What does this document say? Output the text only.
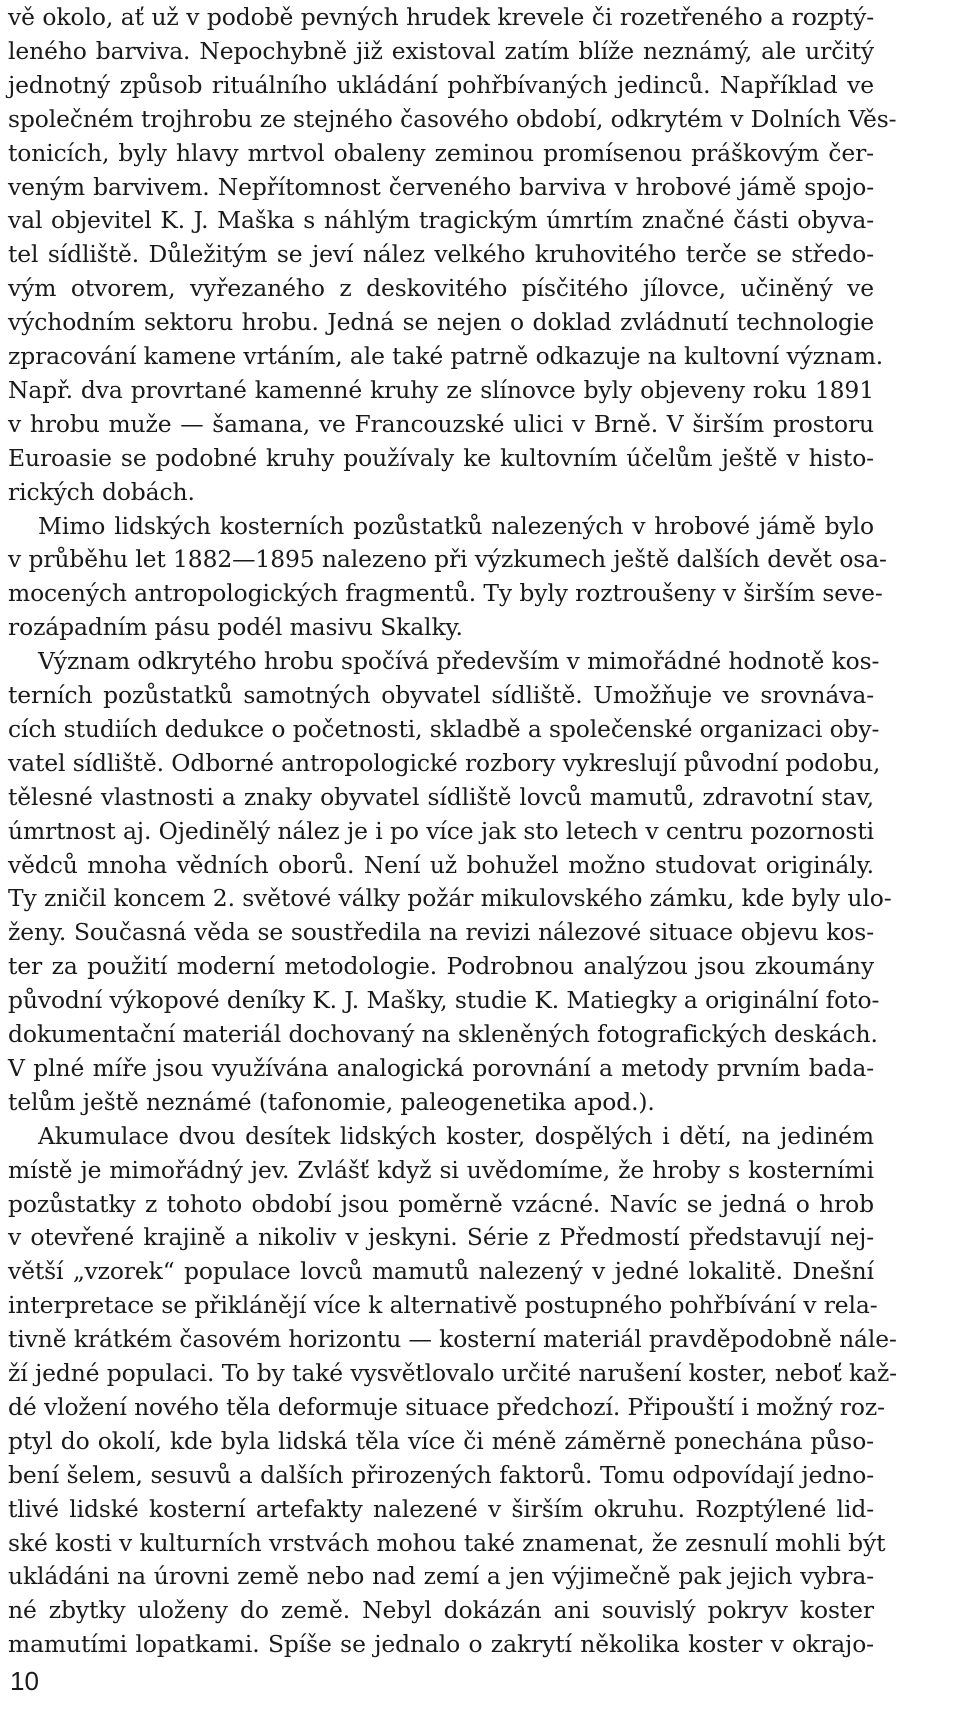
vě okolo, ať už v podobě pevných hrudek krevele či rozetřeného a rozptý-
leného barviva. Nepochybně již existoval zatím blíže neznámý, ale určitý
jednotný způsob rituálního ukládání pohřbívaných jedinců. Například ve
společném trojhrobu ze stejného časového období, odkrytém v Dolních Věs-
tonicích, byly hlavy mrtvol obaleny zeminou promísenou práškovým čer-
veným barvivem. Nepřítomnost červeného barviva v hrobové jámě spojo-
val objevitel K. J. Maška s náhlým tragickým úmrtím značné části obyva-
tel sídliště. Důležitým se jeví nález velkého kruhovitého terče se středo-
vým otvorem, vyřezaného z deskovitého písčitého jílovce, učiněný ve
východním sektoru hrobu. Jedná se nejen o doklad zvládnutí technologie
zpracování kamene vrtáním, ale také patrně odkazuje na kultovní význam.
Např. dva provrtané kamenné kruhy ze slínovce byly objeveny roku 1891
v hrobu muže — šamana, ve Francouzské ulici v Brně. V širším prostoru
Euroasie se podobné kruhy používaly ke kultovním účelům ještě v histo-
rických dobách.
Mimo lidských kosterních pozůstatků nalezených v hrobové jámě bylo
v průběhu let 1882—1895 nalezeno při výzkumech ještě dalších devět osa-
mocených antropologických fragmentů. Ty byly roztroušeny v širším seve-
rozápadním pásu podél masivu Skalky.
Význam odkrytého hrobu spočívá především v mimořádné hodnotě kos-
terních pozůstatků samotných obyvatel sídliště. Umožňuje ve srovnáva-
cích studiích dedukce o početnosti, skladbě a společenské organizaci oby-
vatel sídliště. Odborné antropologické rozbory vykreslují původní podobu,
tělesné vlastnosti a znaky obyvatel sídliště lovců mamutů, zdravotní stav,
úmrtnost aj. Ojedinělý nález je i po více jak sto letech v centru pozornosti
vědců mnoha vědních oborů. Není už bohužel možno studovat originály.
Ty zničil koncem 2. světové války požár mikulovského zámku, kde byly ulo-
ženy. Současná věda se soustředila na revizi nálezové situace objevu kos-
ter za použití moderní metodologie. Podrobnou analýzou jsou zkoumány
původní výkopové deníky K. J. Mašky, studie K. Matiegky a originální foto-
dokumentační materiál dochovaný na skleněných fotografických deskách.
V plné míře jsou využívána analogická porovnání a metody prvním bada-
telům ještě neznámé (tafonomie, paleogenetika apod.).
Akumulace dvou desítek lidských koster, dospělých i dětí, na jediném
místě je mimořádný jev. Zvlášť když si uvědomíme, že hroby s kosterními
pozůstatky z tohoto období jsou poměrně vzácné. Navíc se jedná o hrob
v otevřené krajině a nikoliv v jeskyni. Série z Předmostí představují nej-
větší „vzorek“ populace lovců mamutů nalezený v jedné lokalitě. Dnešní
interpretace se přiklánějí více k alternativě postupného pohřbívání v rela-
tivně krátkém časovém horizontu — kosterní materiál pravděpodobně nále-
ží jedné populaci. To by také vysvětlovalo určité narušení koster, neboť kaž-
dé vložení nového těla deformuje situace předchozí. Připouští i možný roz-
ptyl do okolí, kde byla lidská těla více či méně záměrně ponechána půso-
bení šelem, sesuvů a dalších přirozených faktorů. Tomu odpovídají jedno-
tlivé lidské kosterní artefakty nalezené v širším okruhu. Rozptýlené lid-
ské kosti v kulturních vrstvách mohou také znamenat, že zesnulí mohli být
ukládáni na úrovni země nebo nad zemí a jen výjimečně pak jejich vybra-
né zbytky uloženy do země. Nebyl dokázán ani souvislý pokryv koster
mamutími lopatkami. Spíše se jednalo o zakrytí několika koster v okrajo-
10
